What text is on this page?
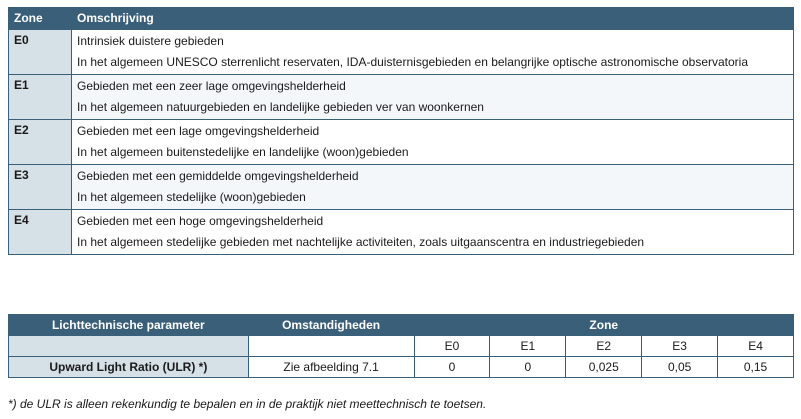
Zone	Omschrijving
E0	Intrinsiek duistere gebieden
In het algemeen UNESCO sterrenlicht reservaten, IDA-duisternisgebieden en belangrijke optische astronomische observatoria

E1	Gebieden met een zeer lage omgevingshelderheid
In het algemeen natuurgebieden en landelijke gebieden ver van woonkernen

E2	Gebieden met een lage omgevingshelderheid
In het algemeen buitenstedelijke en landelijke (woon)gebieden

E3	Gebieden met een gemiddelde omgevingshelderheid
In het algemeen stedelijke (woon)gebieden

E4	Gebieden met een hoge omgevingshelderheid
In het algemeen stedelijke gebieden met nachtelijke activiteiten, zoals uitgaanscentra en industriegebieden
Lichttechnische parameter	Omstandigheden	Zone				
		E0	E1	E2	E3	E4
Upward Light Ratio (ULR) *)	Zie afbeelding 7.1	0	0	0,025	0,05	0,15
*) de ULR is alleen rekenkundig te bepalen en in de praktijk niet meettechnisch te toetsen.
